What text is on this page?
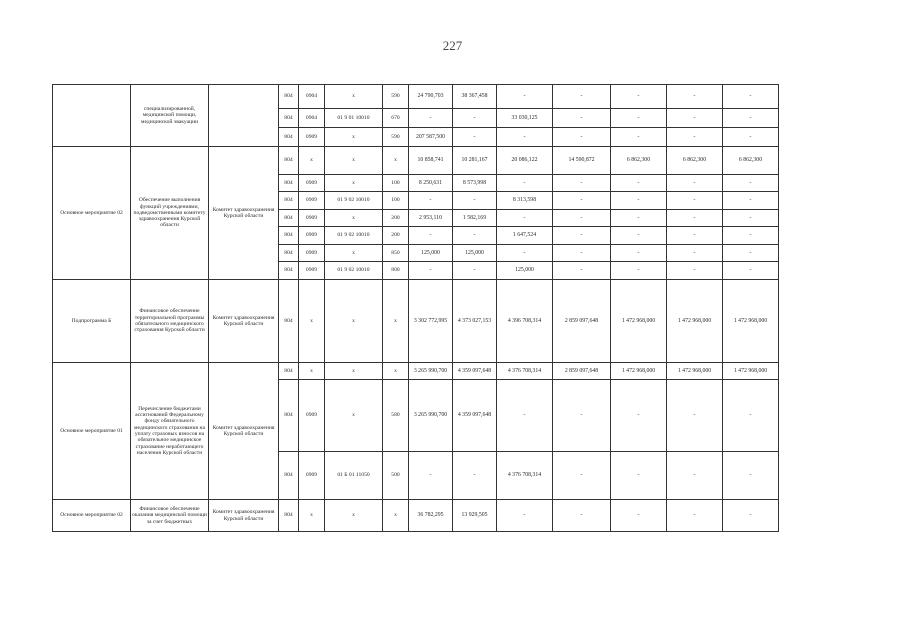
227
	специализированной, медицинской помощи, медицинской эвакуации		804	0904	x	590	24 790,703	38 367,458	-	-	-	-	-
			804	0904	01 9 01 10010	670	-	-	33 030,125	-	-	-	-
			804	0909	x	590	207 587,500	-	-	-	-	-	-
Основное мероприятие 02	Обеспечение выполнения функций учреждениями, подведомственными комитету здравоохранения Курской области	Комитет здравоохранения Курской области	804	x	x	x	10 858,741	10 281,167	20 086,122	14 590,872	6 862,300	6 862,300	6 862,300
			804	0909	x	100	8 250,631	8 573,998	-	-	-	-	-
			804	0909	01 9 02 10010	100	-	-	8 313,598	-	-	-	-
			804	0909	x	200	2 953,110	1 582,169	-	-	-	-	-
			804	0909	01 9 02 10010	200	-	-	1 647,524	-	-	-	-
			804	0909	x	850	125,000	125,000	-	-	-	-	-
			804	0909	01 9 02 10010	800	-	-	125,000	-	-	-	-
Подпрограмма Б	Финансовое обеспечение территориальной программы обязательного медицинского страхования Курской области	Комитет здравоохранения Курской области	804	x	x	x	3 302 772,995	4 373 027,153	4 396 708,314	2 859 097,648	1 472 968,000	1 472 968,000	1 472 968,000
Основное мероприятие 01	Перечисление бюджетами ассигнований Федеральному фонду обязательного медицинского страхования на уплату страховых взносов на обязательное медицинское страхование неработающего населения Курской области	Комитет здравоохранения Курской области	804	x	x	x	3 265 990,700	4 359 097,648	4 376 708,314	2 859 097,648	1 472 968,000	1 472 968,000	1 472 968,000
			804	0909	x	580	3 265 990,700	4 359 097,648	-	-	-	-	-
			804	0909	01 Б 01 11050	500	-	-	4 376 708,314	-	-	-	-
Основное мероприятие 02	Финансовое обеспечение оказания медицинской помощи за счет бюджетных	Комитет здравоохранения Курской области	804	x	x	x	36 782,295	13 929,505	-	-	-	-	-
